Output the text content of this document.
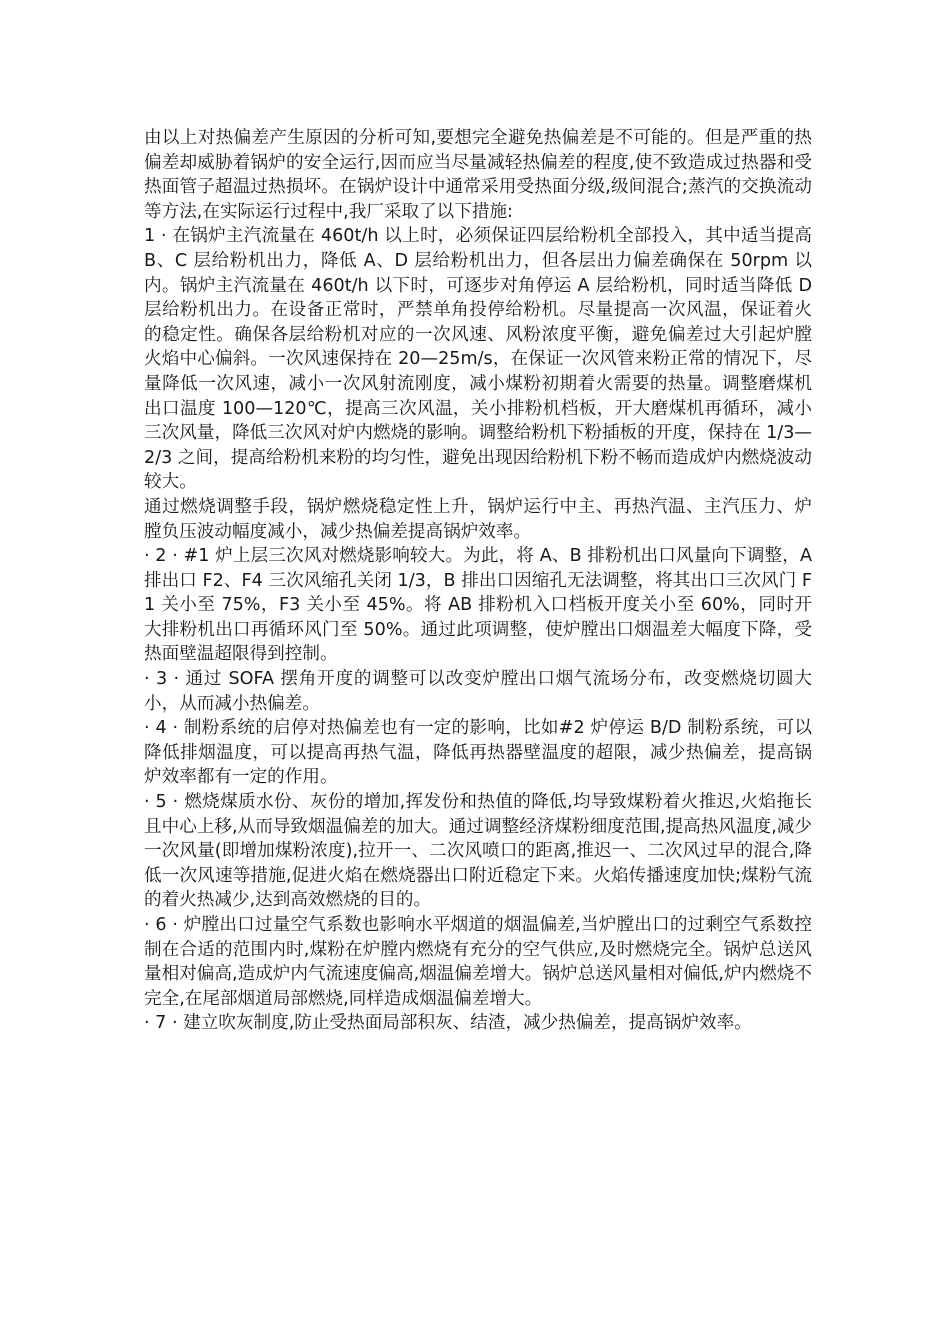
由以上对热偏差产生原因的分析可知,要想完全避免热偏差是不可能的。但是严重的热偏差却威胁着锅炉的安全运行,因而应当尽量减轻热偏差的程度,使不致造成过热器和受热面管子超温过热损坏。在锅炉设计中通常采用受热面分级,级间混合;蒸汽的交换流动等方法,在实际运行过程中,我厂采取了以下措施:

1 · 在锅炉主汽流量在 460t/h 以上时，必须保证四层给粉机全部投入，其中适当提高 B、C 层给粉机出力，降低 A、D 层给粉机出力，但各层出力偏差确保在 50rpm 以内。锅炉主汽流量在 460t/h 以下时，可逐步对角停运 A 层给粉机，同时适当降低 D 层给粉机出力。在设备正常时，严禁单角投停给粉机。尽量提高一次风温，保证着火的稳定性。确保各层给粉机对应的一次风速、风粉浓度平衡，避免偏差过大引起炉膛火焰中心偏斜。一次风速保持在 20—25m/s，在保证一次风管来粉正常的情况下，尽量降低一次风速，减小一次风射流刚度，减小煤粉初期着火需要的热量。调整磨煤机出口温度 100—120℃，提高三次风温，关小排粉机档板，开大磨煤机再循环，减小三次风量，降低三次风对炉内燃烧的影响。调整给粉机下粉插板的开度，保持在 1/3—2/3 之间，提高给粉机来粉的均匀性，避免出现因给粉机下粉不畅而造成炉内燃烧波动较大。

通过燃烧调整手段，锅炉燃烧稳定性上升，锅炉运行中主、再热汽温、主汽压力、炉膛负压波动幅度减小，减少热偏差提高锅炉效率。

· 2 · #1 炉上层三次风对燃烧影响较大。为此，将 A、B 排粉机出口风量向下调整，A 排出口 F2、F4 三次风缩孔关闭 1/3，B 排出口因缩孔无法调整，将其出口三次风门 F1 关小至 75%，F3 关小至 45%。将 AB 排粉机入口档板开度关小至 60%，同时开大排粉机出口再循环风门至 50%。通过此项调整，使炉膛出口烟温差大幅度下降，受热面壁温超限得到控制。

· 3 · 通过 SOFA 摆角开度的调整可以改变炉膛出口烟气流场分布，改变燃烧切圆大小，从而减小热偏差。

· 4 · 制粉系统的启停对热偏差也有一定的影响，比如#2 炉停运 B/D 制粉系统，可以降低排烟温度，可以提高再热气温，降低再热器壁温度的超限，减少热偏差，提高锅炉效率都有一定的作用。

· 5 · 燃烧煤质水份、灰份的增加,挥发份和热值的降低,均导致煤粉着火推迟,火焰拖长且中心上移,从而导致烟温偏差的加大。通过调整经济煤粉细度范围,提高热风温度,减少一次风量(即增加煤粉浓度),拉开一、二次风喷口的距离,推迟一、二次风过早的混合,降低一次风速等措施,促进火焰在燃烧器出口附近稳定下来。火焰传播速度加快;煤粉气流的着火热减少,达到高效燃烧的目的。

· 6 · 炉膛出口过量空气系数也影响水平烟道的烟温偏差,当炉膛出口的过剩空气系数控制在合适的范围内时,煤粉在炉膛内燃烧有充分的空气供应,及时燃烧完全。锅炉总送风量相对偏高,造成炉内气流速度偏高,烟温偏差增大。锅炉总送风量相对偏低,炉内燃烧不完全,在尾部烟道局部燃烧,同样造成烟温偏差增大。

· 7 · 建立吹灰制度,防止受热面局部积灰、结渣，减少热偏差，提高锅炉效率。
